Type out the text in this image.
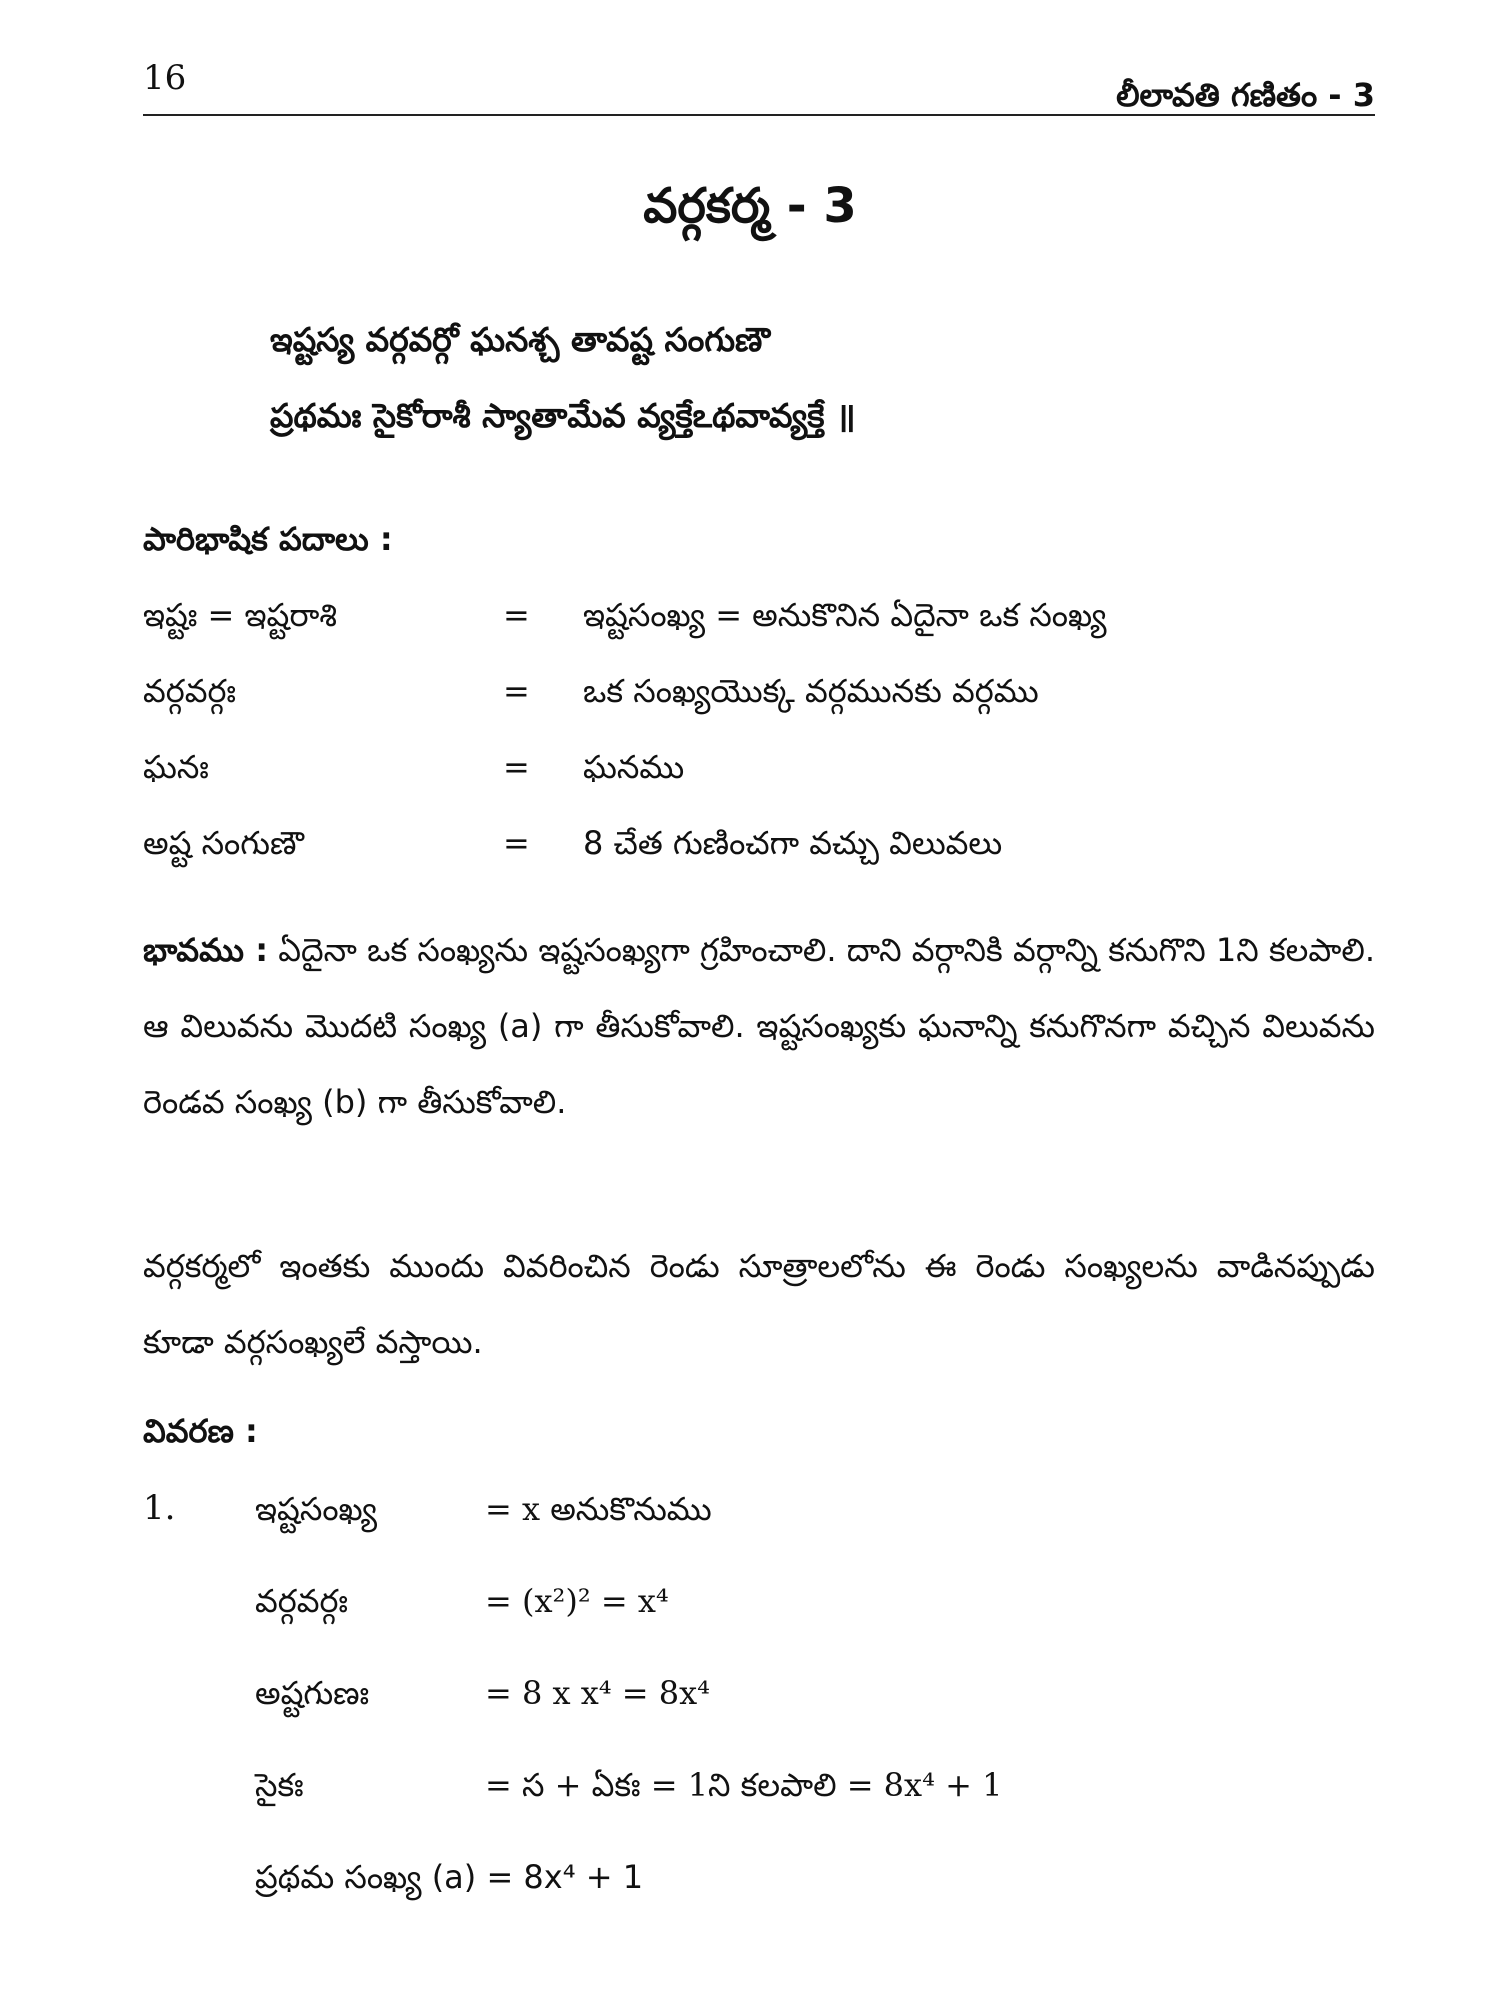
16	లీలావతి గణితం - 3
వర్గకర్మ - 3
ఇష్టస్య వర్గవర్గో ఘనశ్చ తావష్ట సంగుణౌ
ప్రథమః సైకోరాశీ స్యాతామేవ వ్యక్తేఽథవావ్యక్తే ॥
పారిభాషిక పదాలు :
ఇష్టః = ఇష్టరాశి	= ఇష్టసంఖ్య = అనుకొనిన ఏదైనా ఒక సంఖ్య
వర్గవర్గః	= ఒక సంఖ్యయొక్క వర్గమునకు వర్గము
ఘనః	= ఘనము
అష్ట సంగుణౌ	= 8 చేత గుణించగా వచ్చు విలువలు
భావము : ఏదైనా ఒక సంఖ్యను ఇష్టసంఖ్యగా గ్రహించాలి. దాని వర్గానికి వర్గాన్ని కనుగొని 1ని కలపాలి. ఆ విలువను మొదటి సంఖ్య (a) గా తీసుకోవాలి. ఇష్టసంఖ్యకు ఘనాన్ని కనుగొనగా వచ్చిన విలువను రెండవ సంఖ్య (b) గా తీసుకోవాలి.
వర్గకర్మలో ఇంతకు ముందు వివరించిన రెండు సూత్రాలలోను ఈ రెండు సంఖ్యలను వాడినప్పుడు కూడా వర్గసంఖ్యలే వస్తాయి.
వివరణ :
1. ఇష్టసంఖ్య	= x అనుకొనుము
వర్గవర్గః	= (x²)² = x⁴
అష్టగుణః	= 8 x x⁴ = 8x⁴
సైకః	= స + ఏకః = 1ని కలపాలి = 8x⁴ + 1
ప్రథమ సంఖ్య (a) = 8x⁴ + 1
